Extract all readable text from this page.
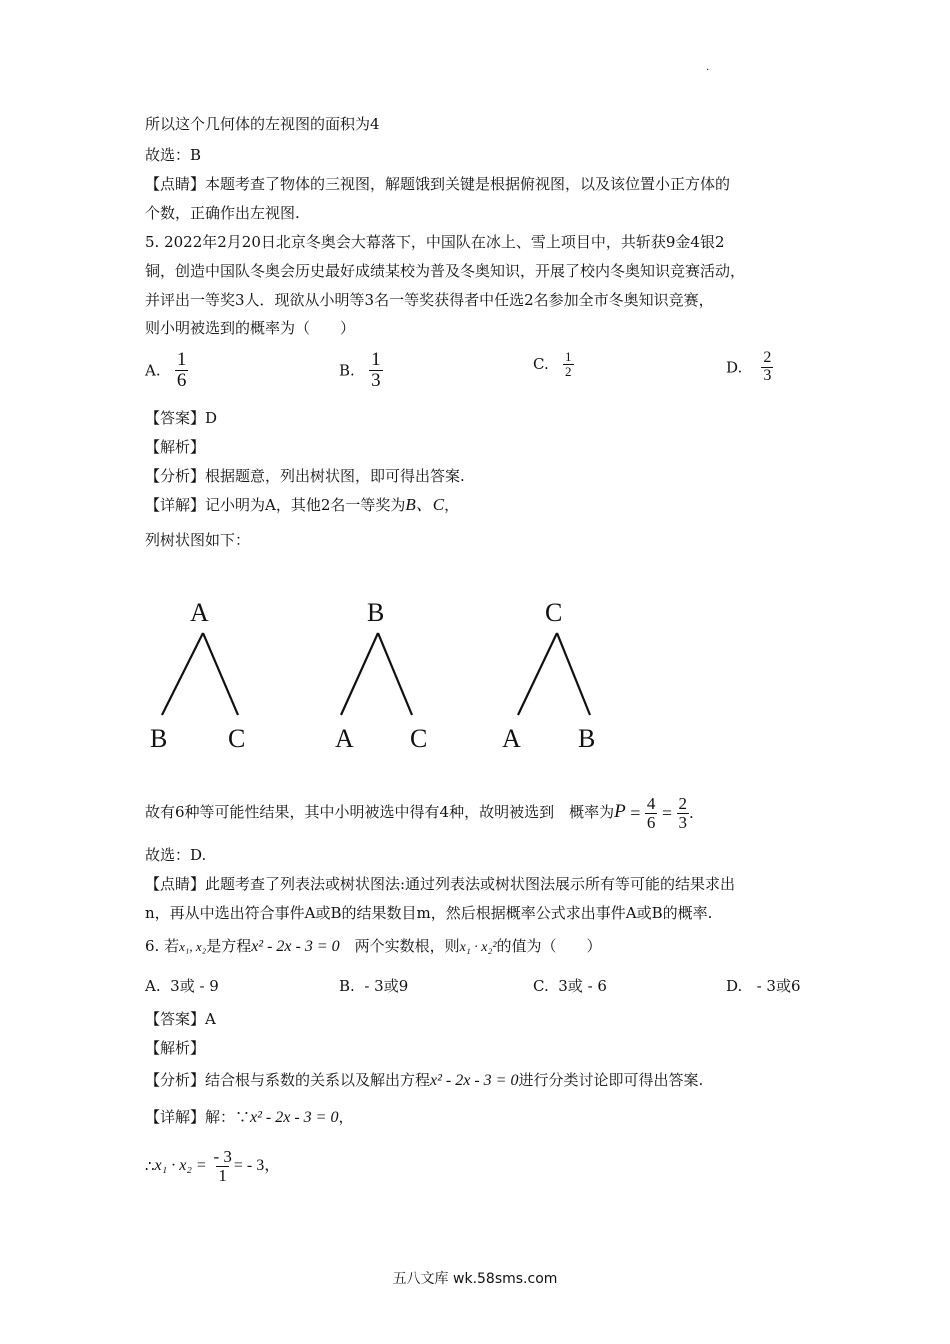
.
所以这个几何体的左视图的面积为4
故选：B
【点睛】本题考查了物体的三视图，解题饿到关键是根据俯视图，以及该位置小正方体的
个数，正确作出左视图.
5. 2022年2月20日北京冬奥会大幕落下，中国队在冰上、雪上项目中，共斩获9金4银2
铜，创造中国队冬奥会历史最好成绩某校为普及冬奥知识，开展了校内冬奥知识竞赛活动，
并评出一等奖3人．现欲从小明等3名一等奖获得者中任选2名参加全市冬奥知识竞赛，
则小明被选到的概率为（　　）
A. $\frac{1}{6}$	B. $\frac{1}{3}$	C. $\frac{1}{2}$	D. $\frac{2}{3}$
【答案】D
【解析】
【分析】根据题意，列出树状图，即可得出答案.
【详解】记小明为A，其他2名一等奖为B、C，
列树状图如下：
A
B C
B
A C
C
A B
故有6种等可能性结果，其中小明被选中得有4种，故明被选到　概率为$P = \frac{4}{6} = \frac{2}{3}$ .
故选：D.
【点睛】此题考查了列表法或树状图法:通过列表法或树状图法展示所有等可能的结果求出
n，再从中选出符合事件A或B的结果数目m，然后根据概率公式求出事件A或B的概率.
6. 若x₁, x₂是方程x² - 2x - 3 = 0　两个实数根，则x₁ · x₂²的值为（　　）
A. 3或 - 9	B. - 3或9	C. 3或 - 6	D. - 3或6
【答案】A
【解析】
【分析】结合根与系数的关系以及解出方程x² - 2x - 3 = 0进行分类讨论即可得出答案.
【详解】解：∵x² - 2x - 3 = 0，
∴x₁ · $x_2 = \frac{- 3}{1}$ = - 3，
五八文库 wk.58sms.com
